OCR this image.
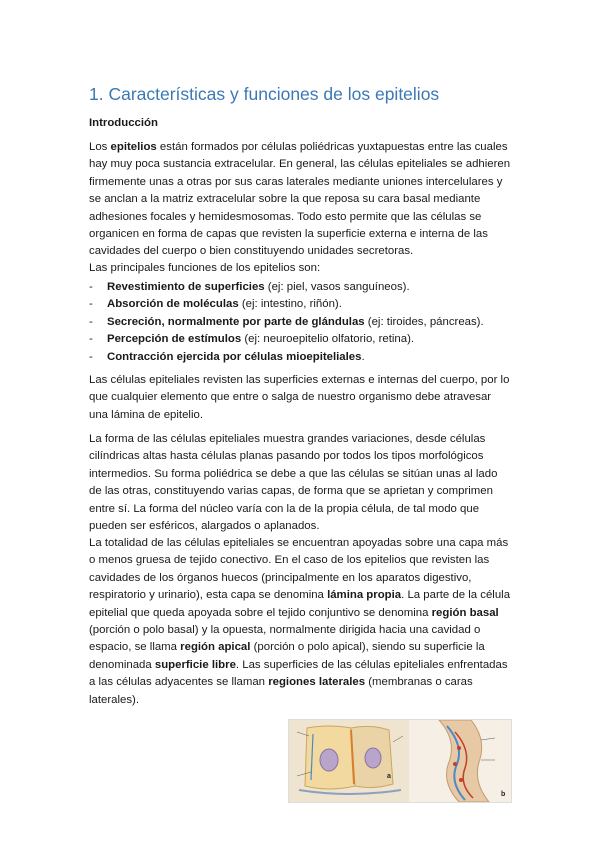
1. Características y funciones de los epitelios
Introducción

Los epitelios están formados por células poliédricas yuxtapuestas entre las cuales hay muy poca sustancia extracelular. En general, las células epiteliales se adhieren firmemente unas a otras por sus caras laterales mediante uniones intercelulares y se anclan a la matriz extracelular sobre la que reposa su cara basal mediante adhesiones focales y hemidesmosomas. Todo esto permite que las células se organicen en forma de capas que revisten la superficie externa e interna de las cavidades del cuerpo o bien constituyendo unidades secretoras.

Las principales funciones de los epitelios son:

- Revestimiento de superficies (ej: piel, vasos sanguíneos).
- Absorción de moléculas (ej: intestino, riñón).
- Secreción, normalmente por parte de glándulas (ej: tiroides, páncreas).
- Percepción de estímulos (ej: neuroepitelio olfatorio, retina).
- Contracción ejercida por células mioepiteliales.

Las células epiteliales revisten las superficies externas e internas del cuerpo, por lo que cualquier elemento que entre o salga de nuestro organismo debe atravesar una lámina de epitelio.

La forma de las células epiteliales muestra grandes variaciones, desde células cilíndricas altas hasta células planas pasando por todos los tipos morfológicos intermedios. Su forma poliédrica se debe a que las células se sitúan unas al lado de las otras, constituyendo varias capas, de forma que se aprietan y comprimen entre sí. La forma del núcleo varía con la de la propia célula, de tal modo que pueden ser esféricos, alargados o aplanados.

La totalidad de las células epiteliales se encuentran apoyadas sobre una capa más o menos gruesa de tejido conectivo. En el caso de los epitelios que revisten las cavidades de los órganos huecos (principalmente en los aparatos digestivo, respiratorio y urinario), esta capa se denomina lámina propia. La parte de la célula epitelial que queda apoyada sobre el tejido conjuntivo se denomina región basal (porción o polo basal) y la opuesta, normalmente dirigida hacia una cavidad o espacio, se llama región apical (porción o polo apical), siendo su superficie la denominada superficie libre. Las superficies de las células epiteliales enfrentadas a las células adyacentes se llaman regiones laterales (membranas o caras laterales).

a
b
